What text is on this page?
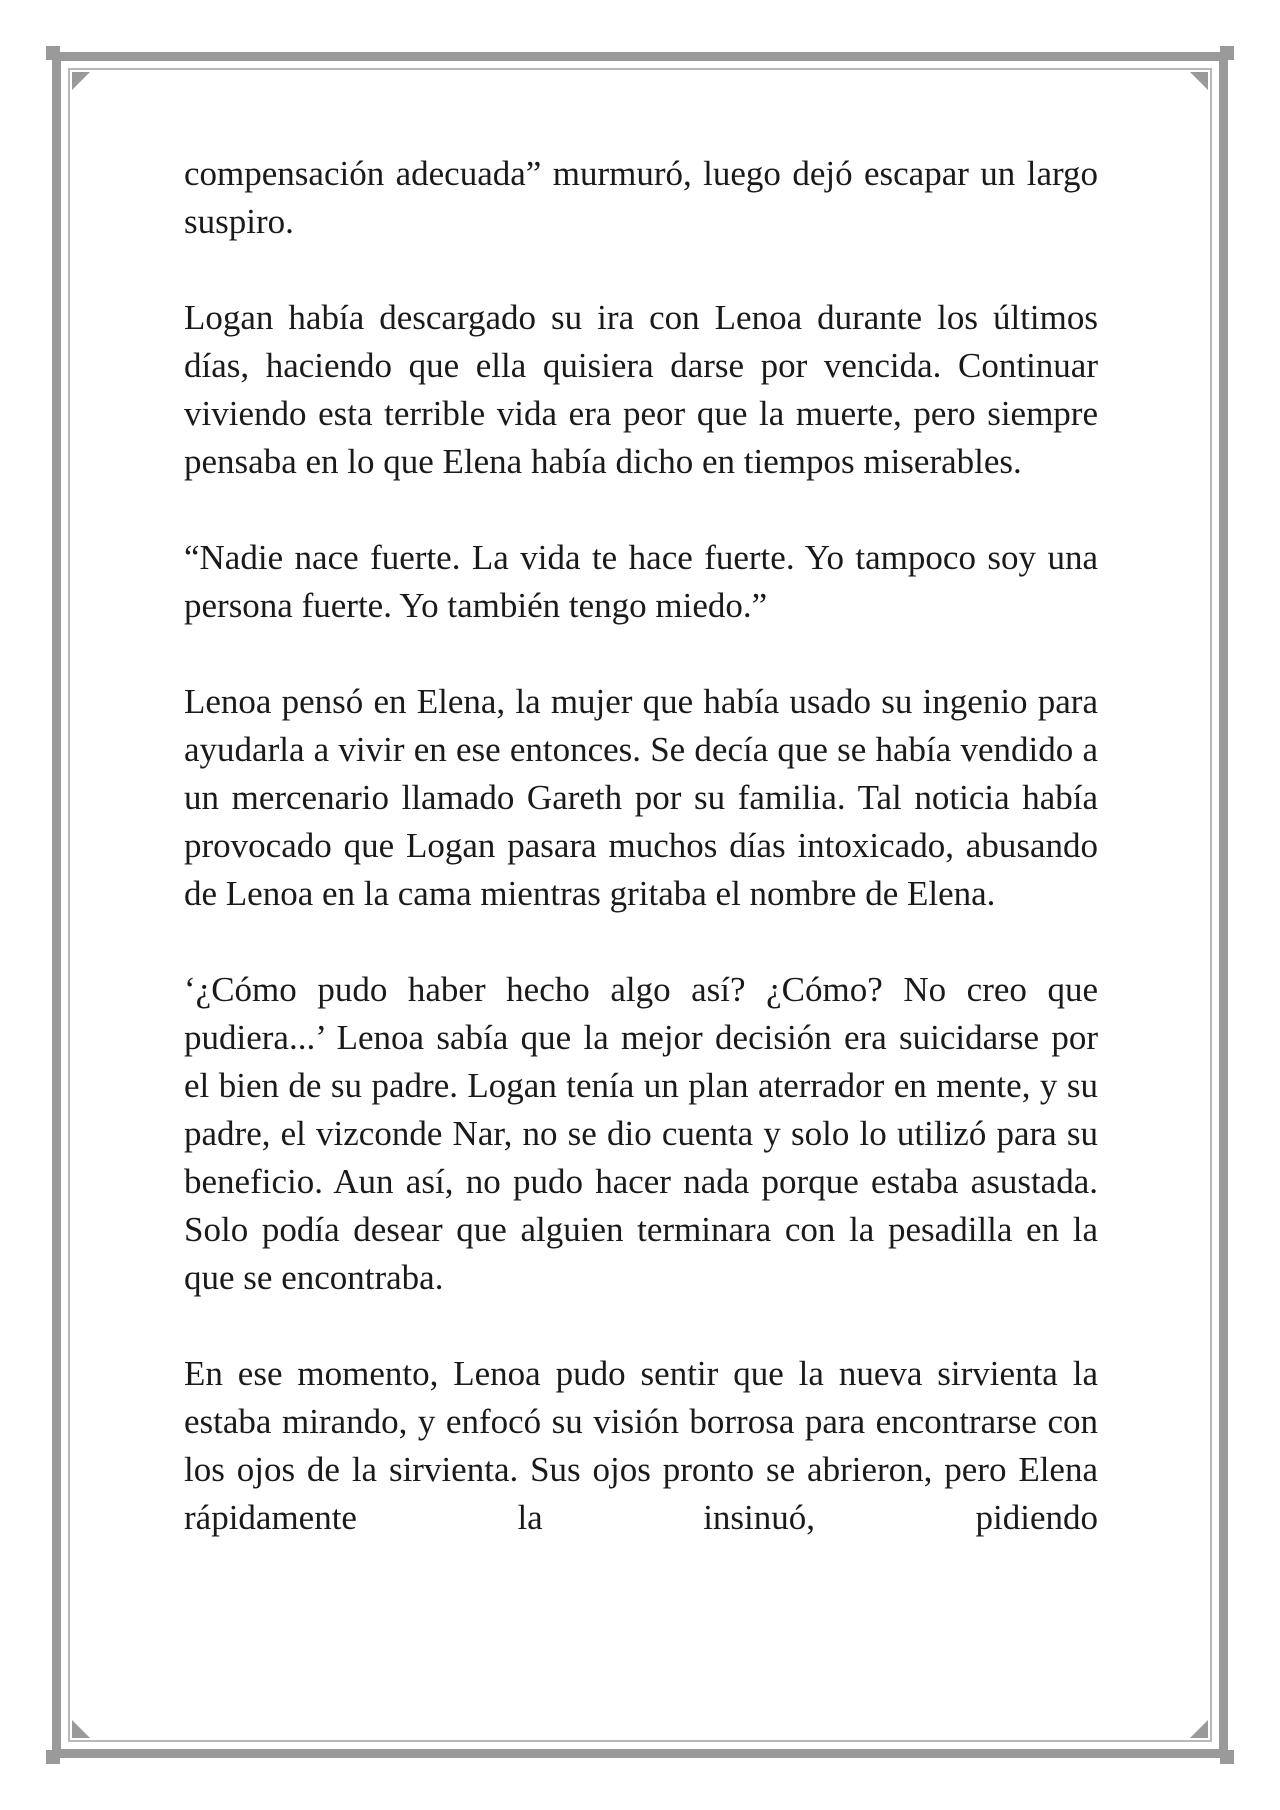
compensación adecuada” murmuró, luego dejó escapar un largo suspiro.

Logan había descargado su ira con Lenoa durante los últimos días, haciendo que ella quisiera darse por vencida. Continuar viviendo esta terrible vida era peor que la muerte, pero siempre pensaba en lo que Elena había dicho en tiempos miserables.

“Nadie nace fuerte. La vida te hace fuerte. Yo tampoco soy una persona fuerte. Yo también tengo miedo.”

Lenoa pensó en Elena, la mujer que había usado su ingenio para ayudarla a vivir en ese entonces. Se decía que se había vendido a un mercenario llamado Gareth por su familia. Tal noticia había provocado que Logan pasara muchos días intoxicado, abusando de Lenoa en la cama mientras gritaba el nombre de Elena.

‘¿Cómo pudo haber hecho algo así? ¿Cómo? No creo que pudiera...’ Lenoa sabía que la mejor decisión era suicidarse por el bien de su padre. Logan tenía un plan aterrador en mente, y su padre, el vizconde Nar, no se dio cuenta y solo lo utilizó para su beneficio. Aun así, no pudo hacer nada porque estaba asustada. Solo podía desear que alguien terminara con la pesadilla en la que se encontraba.

En ese momento, Lenoa pudo sentir que la nueva sirvienta la estaba mirando, y enfocó su visión borrosa para encontrarse con los ojos de la sirvienta. Sus ojos pronto se abrieron, pero Elena rápidamente la insinuó, pidiendo
